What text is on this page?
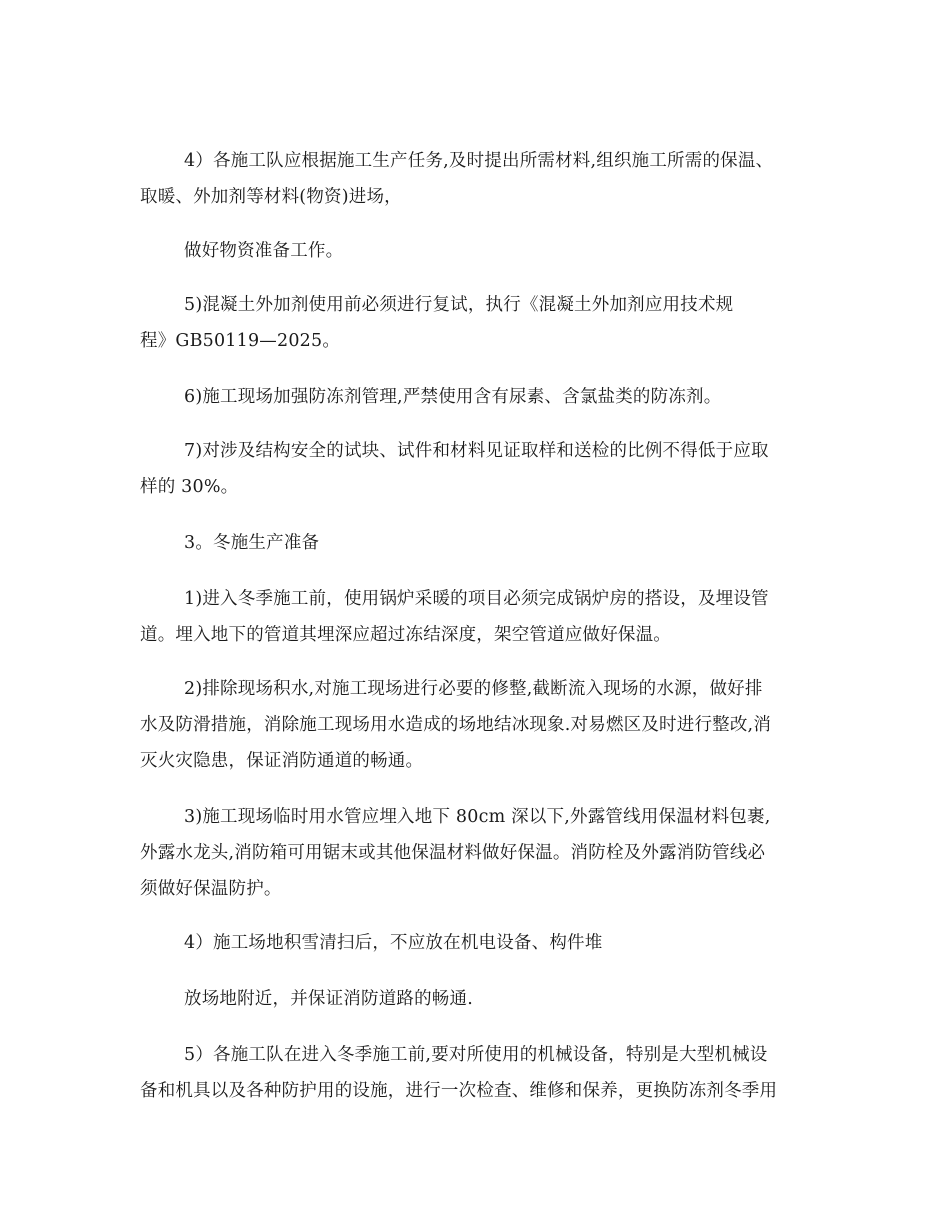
4）各施工队应根据施工生产任务,及时提出所需材料,组织施工所需的保温、
取暖、外加剂等材料(物资)进场，
做好物资准备工作。
5)混凝土外加剂使用前必须进行复试，执行《混凝土外加剂应用技术规
程》GB50119—2025。
6)施工现场加强防冻剂管理,严禁使用含有尿素、含氯盐类的防冻剂。
7)对涉及结构安全的试块、试件和材料见证取样和送检的比例不得低于应取
样的 30%。
3。冬施生产准备
1)进入冬季施工前，使用锅炉采暖的项目必须完成锅炉房的搭设，及埋设管
道。埋入地下的管道其埋深应超过冻结深度，架空管道应做好保温。
2)排除现场积水,对施工现场进行必要的修整,截断流入现场的水源，做好排
水及防滑措施，消除施工现场用水造成的场地结冰现象.对易燃区及时进行整改,消
灭火灾隐患，保证消防通道的畅通。
3)施工现场临时用水管应埋入地下 80cm 深以下,外露管线用保温材料包裹,
外露水龙头,消防箱可用锯末或其他保温材料做好保温。消防栓及外露消防管线必
须做好保温防护。
4）施工场地积雪清扫后，不应放在机电设备、构件堆
放场地附近，并保证消防道路的畅通.
5）各施工队在进入冬季施工前,要对所使用的机械设备，特别是大型机械设
备和机具以及各种防护用的设施，进行一次检查、维修和保养，更换防冻剂冬季用
